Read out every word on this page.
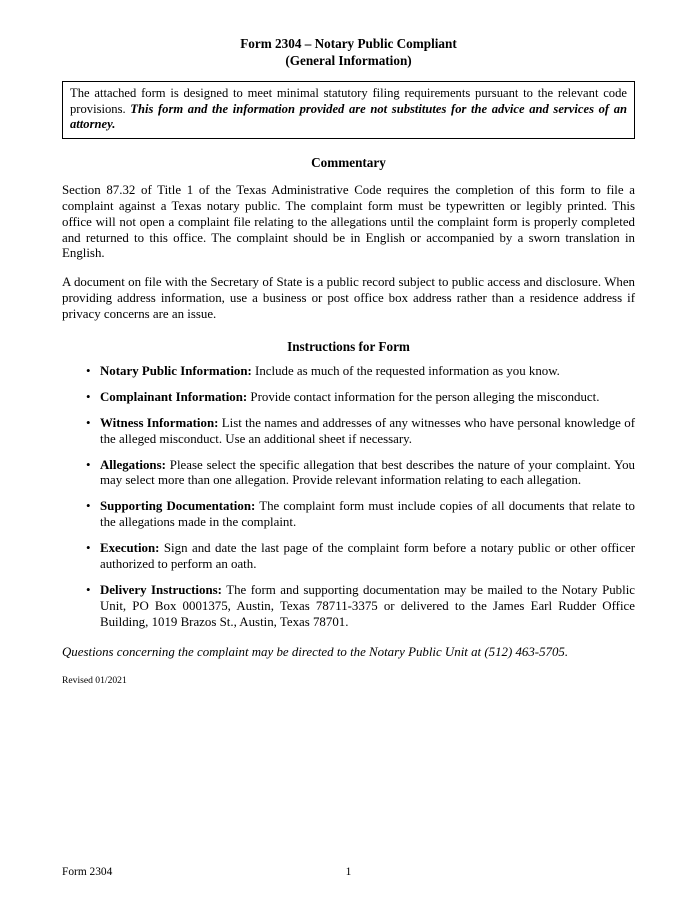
Form 2304 – Notary Public Compliant
(General Information)
The attached form is designed to meet minimal statutory filing requirements pursuant to the relevant code provisions. This form and the information provided are not substitutes for the advice and services of an attorney.
Commentary

Section 87.32 of Title 1 of the Texas Administrative Code requires the completion of this form to file a complaint against a Texas notary public. The complaint form must be typewritten or legibly printed. This office will not open a complaint file relating to the allegations until the complaint form is properly completed and returned to this office. The complaint should be in English or accompanied by a sworn translation in English.

A document on file with the Secretary of State is a public record subject to public access and disclosure. When providing address information, use a business or post office box address rather than a residence address if privacy concerns are an issue.

Instructions for Form
• Notary Public Information: Include as much of the requested information as you know.
• Complainant Information: Provide contact information for the person alleging the misconduct.
• Witness Information: List the names and addresses of any witnesses who have personal knowledge of the alleged misconduct. Use an additional sheet if necessary.
• Allegations: Please select the specific allegation that best describes the nature of your complaint. You may select more than one allegation. Provide relevant information relating to each allegation.
• Supporting Documentation: The complaint form must include copies of all documents that relate to the allegations made in the complaint.
• Execution: Sign and date the last page of the complaint form before a notary public or other officer authorized to perform an oath.
• Delivery Instructions: The form and supporting documentation may be mailed to the Notary Public Unit, PO Box 0001375, Austin, Texas 78711-3375 or delivered to the James Earl Rudder Office Building, 1019 Brazos St., Austin, Texas 78701.

Questions concerning the complaint may be directed to the Notary Public Unit at (512) 463-5705.

Revised 01/2021

Form 2304	1
